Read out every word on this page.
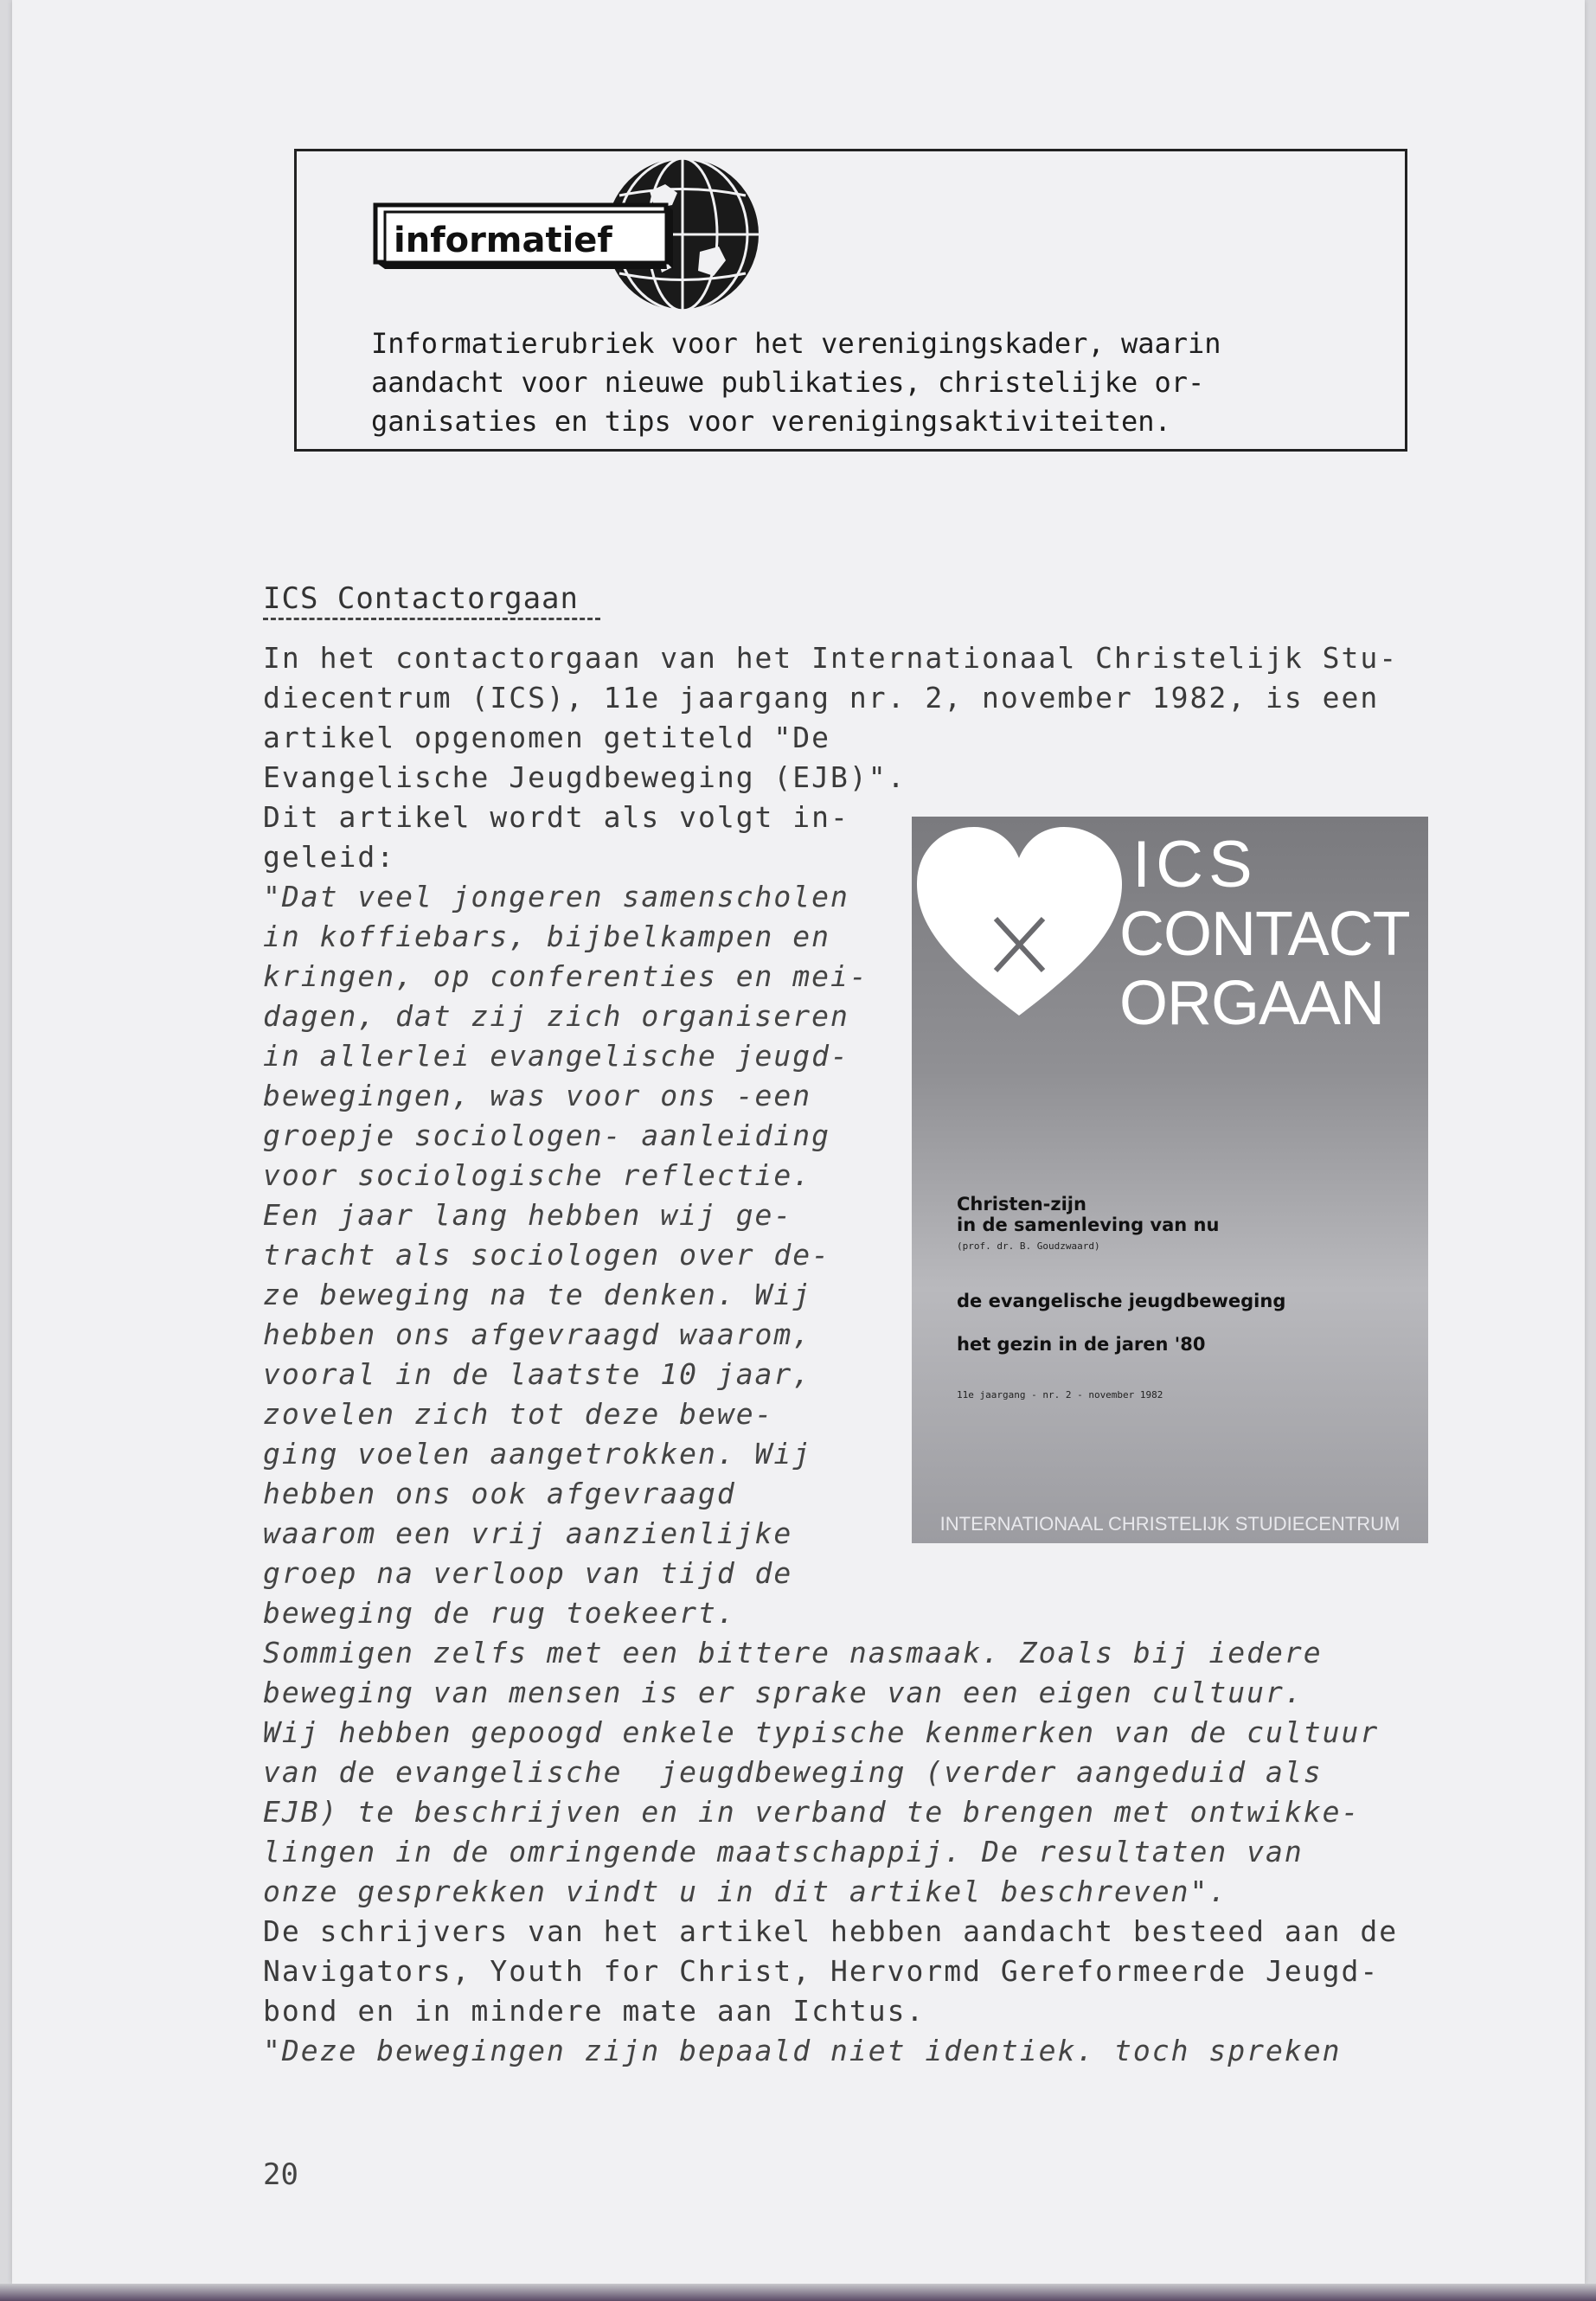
informatief

Informatierubriek voor het verenigingskader, waarin
aandacht voor nieuwe publikaties, christelijke or-
ganisaties en tips voor verenigingsaktiviteiten.

ICS Contactorgaan
In het contactorgaan van het Internationaal Christelijk Stu-
diecentrum (ICS), 11e jaargang nr. 2, november 1982, is een
artikel opgenomen getiteld "De
Evangelische Jeugdbeweging (EJB)".
Dit artikel wordt als volgt in-
geleid:
"Dat veel jongeren samenscholen
in koffiebars, bijbelkampen en
kringen, op conferenties en mei-
dagen, dat zij zich organiseren
in allerlei evangelische jeugd-
bewegingen, was voor ons -een
groepje sociologen- aanleiding
voor sociologische reflectie.
Een jaar lang hebben wij ge-
tracht als sociologen over de-
ze beweging na te denken. Wij
hebben ons afgevraagd waarom,
vooral in de laatste 10 jaar,
zovelen zich tot deze bewe-
ging voelen aangetrokken. Wij
hebben ons ook afgevraagd
waarom een vrij aanzienlijke
groep na verloop van tijd de
beweging de rug toekeert.
Sommigen zelfs met een bittere nasmaak. Zoals bij iedere
beweging van mensen is er sprake van een eigen cultuur.
Wij hebben gepoogd enkele typische kenmerken van de cultuur
van de evangelische  jeugdbeweging (verder aangeduid als
EJB) te beschrijven en in verband te brengen met ontwikke-
lingen in de omringende maatschappij. De resultaten van
onze gesprekken vindt u in dit artikel beschreven".
De schrijvers van het artikel hebben aandacht besteed aan de
Navigators, Youth for Christ, Hervormd Gereformeerde Jeugd-
bond en in mindere mate aan Ichtus.
"Deze bewegingen zijn bepaald niet identiek. toch spreken
ICS
CONTACT
ORGAAN
Christen-zijn
in de samenleving van nu
(prof. dr. B. Goudzwaard)
de evangelische jeugdbeweging
het gezin in de jaren '80
11e jaargang - nr. 2 - november 1982
INTERNATIONAAL CHRISTELIJK STUDIECENTRUM
20
